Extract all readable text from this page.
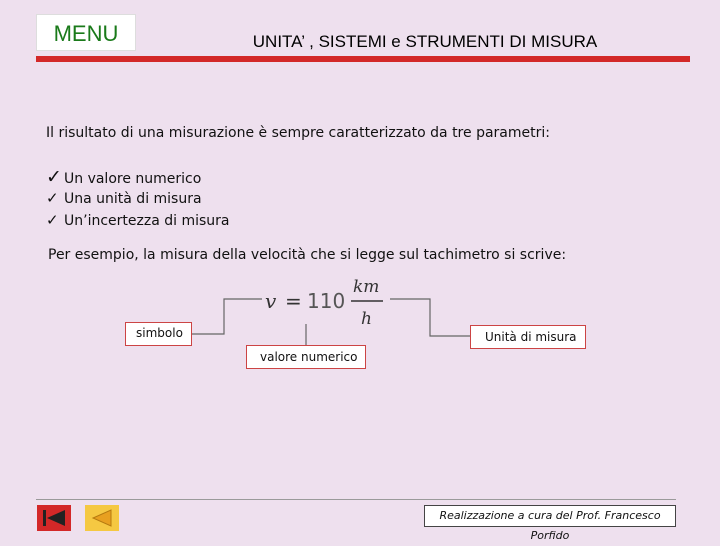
MENU	UNITA’ , SISTEMI e STRUMENTI DI MISURA
Il risultato di una misurazione è sempre caratterizzato da tre parametri:
✓ Un valore numerico
✓ Una unità di misura
✓ Un’incertezza di misura
Per esempio, la misura della velocità che si legge sul tachimetro si scrive:
v = 110
km
h
simbolo	Unità di misura
valore numerico
Realizzazione a cura del Prof. Francesco Porfido
